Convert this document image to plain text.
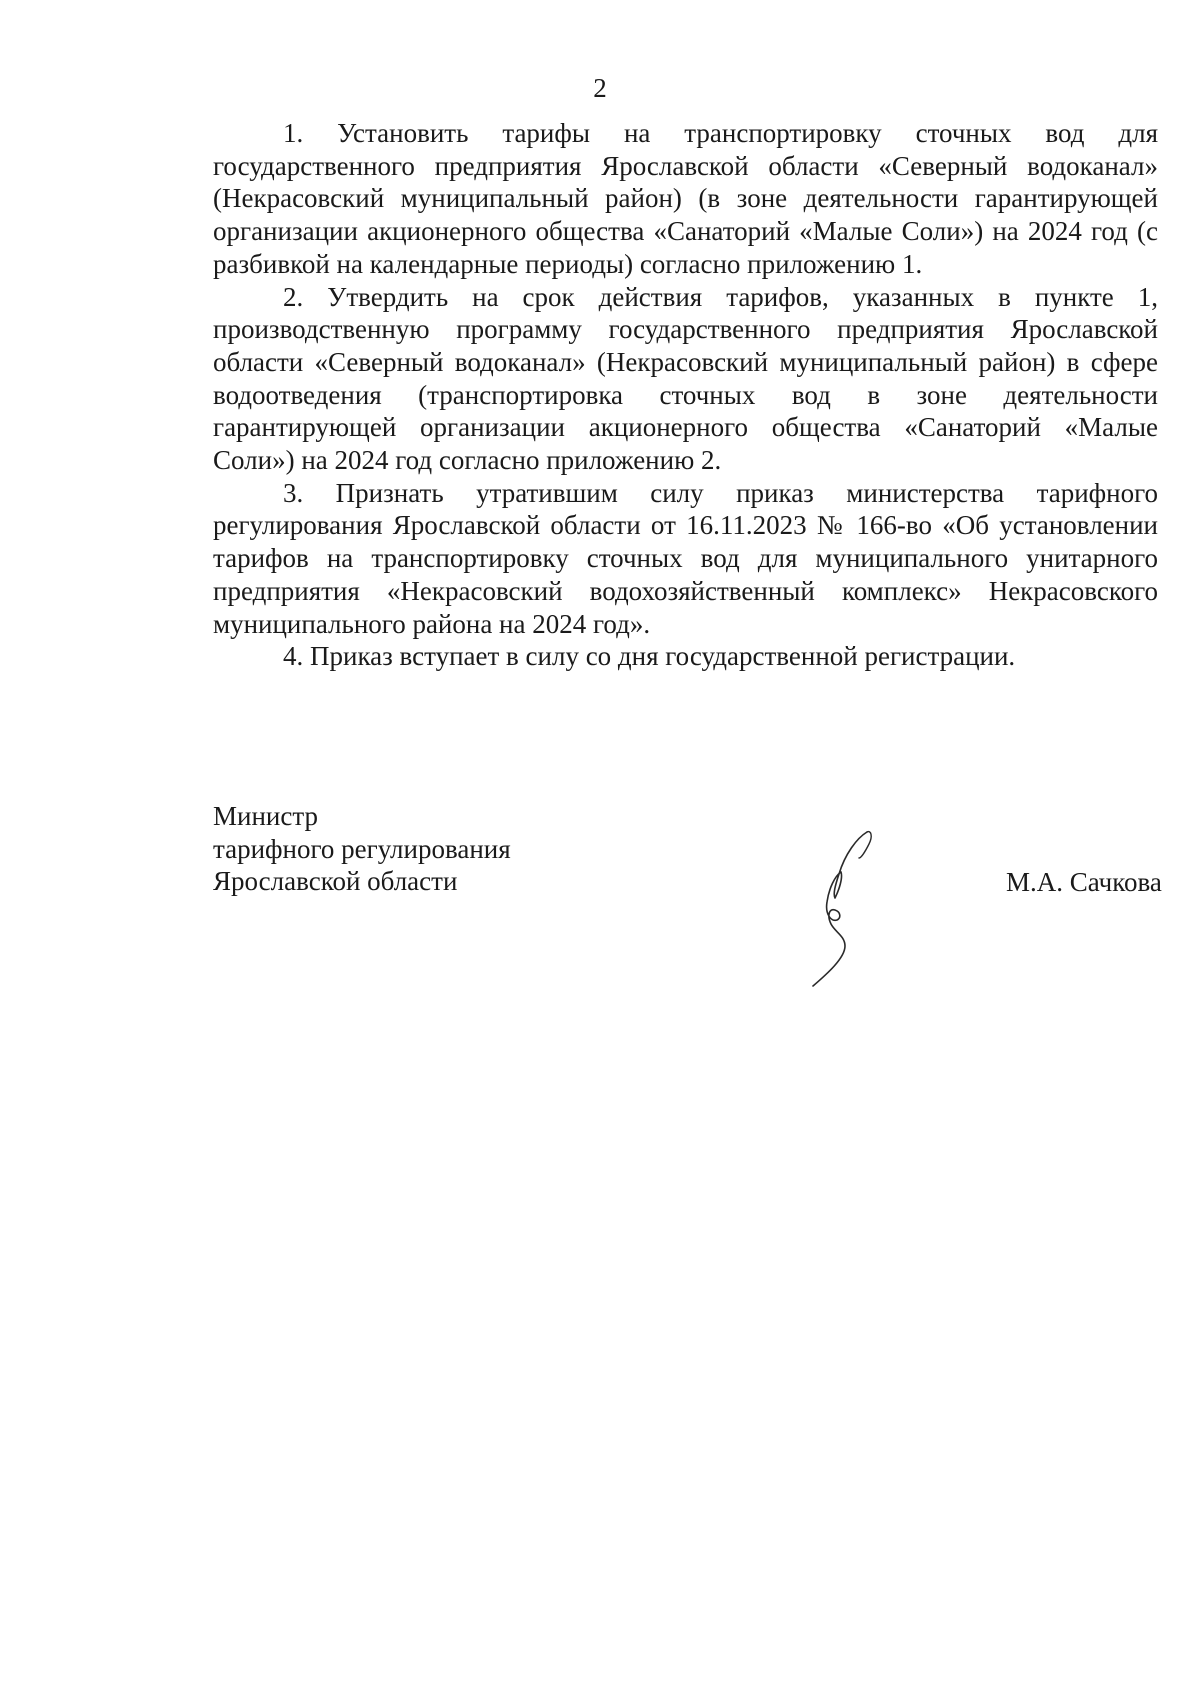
2

1. Установить тарифы на транспортировку сточных вод для государственного предприятия Ярославской области «Северный водоканал» (Некрасовский муниципальный район) (в зоне деятельности гарантирующей организации акционерного общества «Санаторий «Малые Соли») на 2024 год (с разбивкой на календарные периоды) согласно приложению 1.

2. Утвердить на срок действия тарифов, указанных в пункте 1, производственную программу государственного предприятия Ярославской области «Северный водоканал» (Некрасовский муниципальный район) в сфере водоотведения (транспортировка сточных вод в зоне деятельности гарантирующей организации акционерного общества «Санаторий «Малые Соли») на 2024 год согласно приложению 2.

3. Признать утратившим силу приказ министерства тарифного регулирования Ярославской области от 16.11.2023 № 166-во «Об установлении тарифов на транспортировку сточных вод для муниципального унитарного предприятия «Некрасовский водохозяйственный комплекс» Некрасовского муниципального района на 2024 год».

4. Приказ вступает в силу со дня государственной регистрации.

Министр
тарифного регулирования
Ярославской области	М.А. Сачкова
